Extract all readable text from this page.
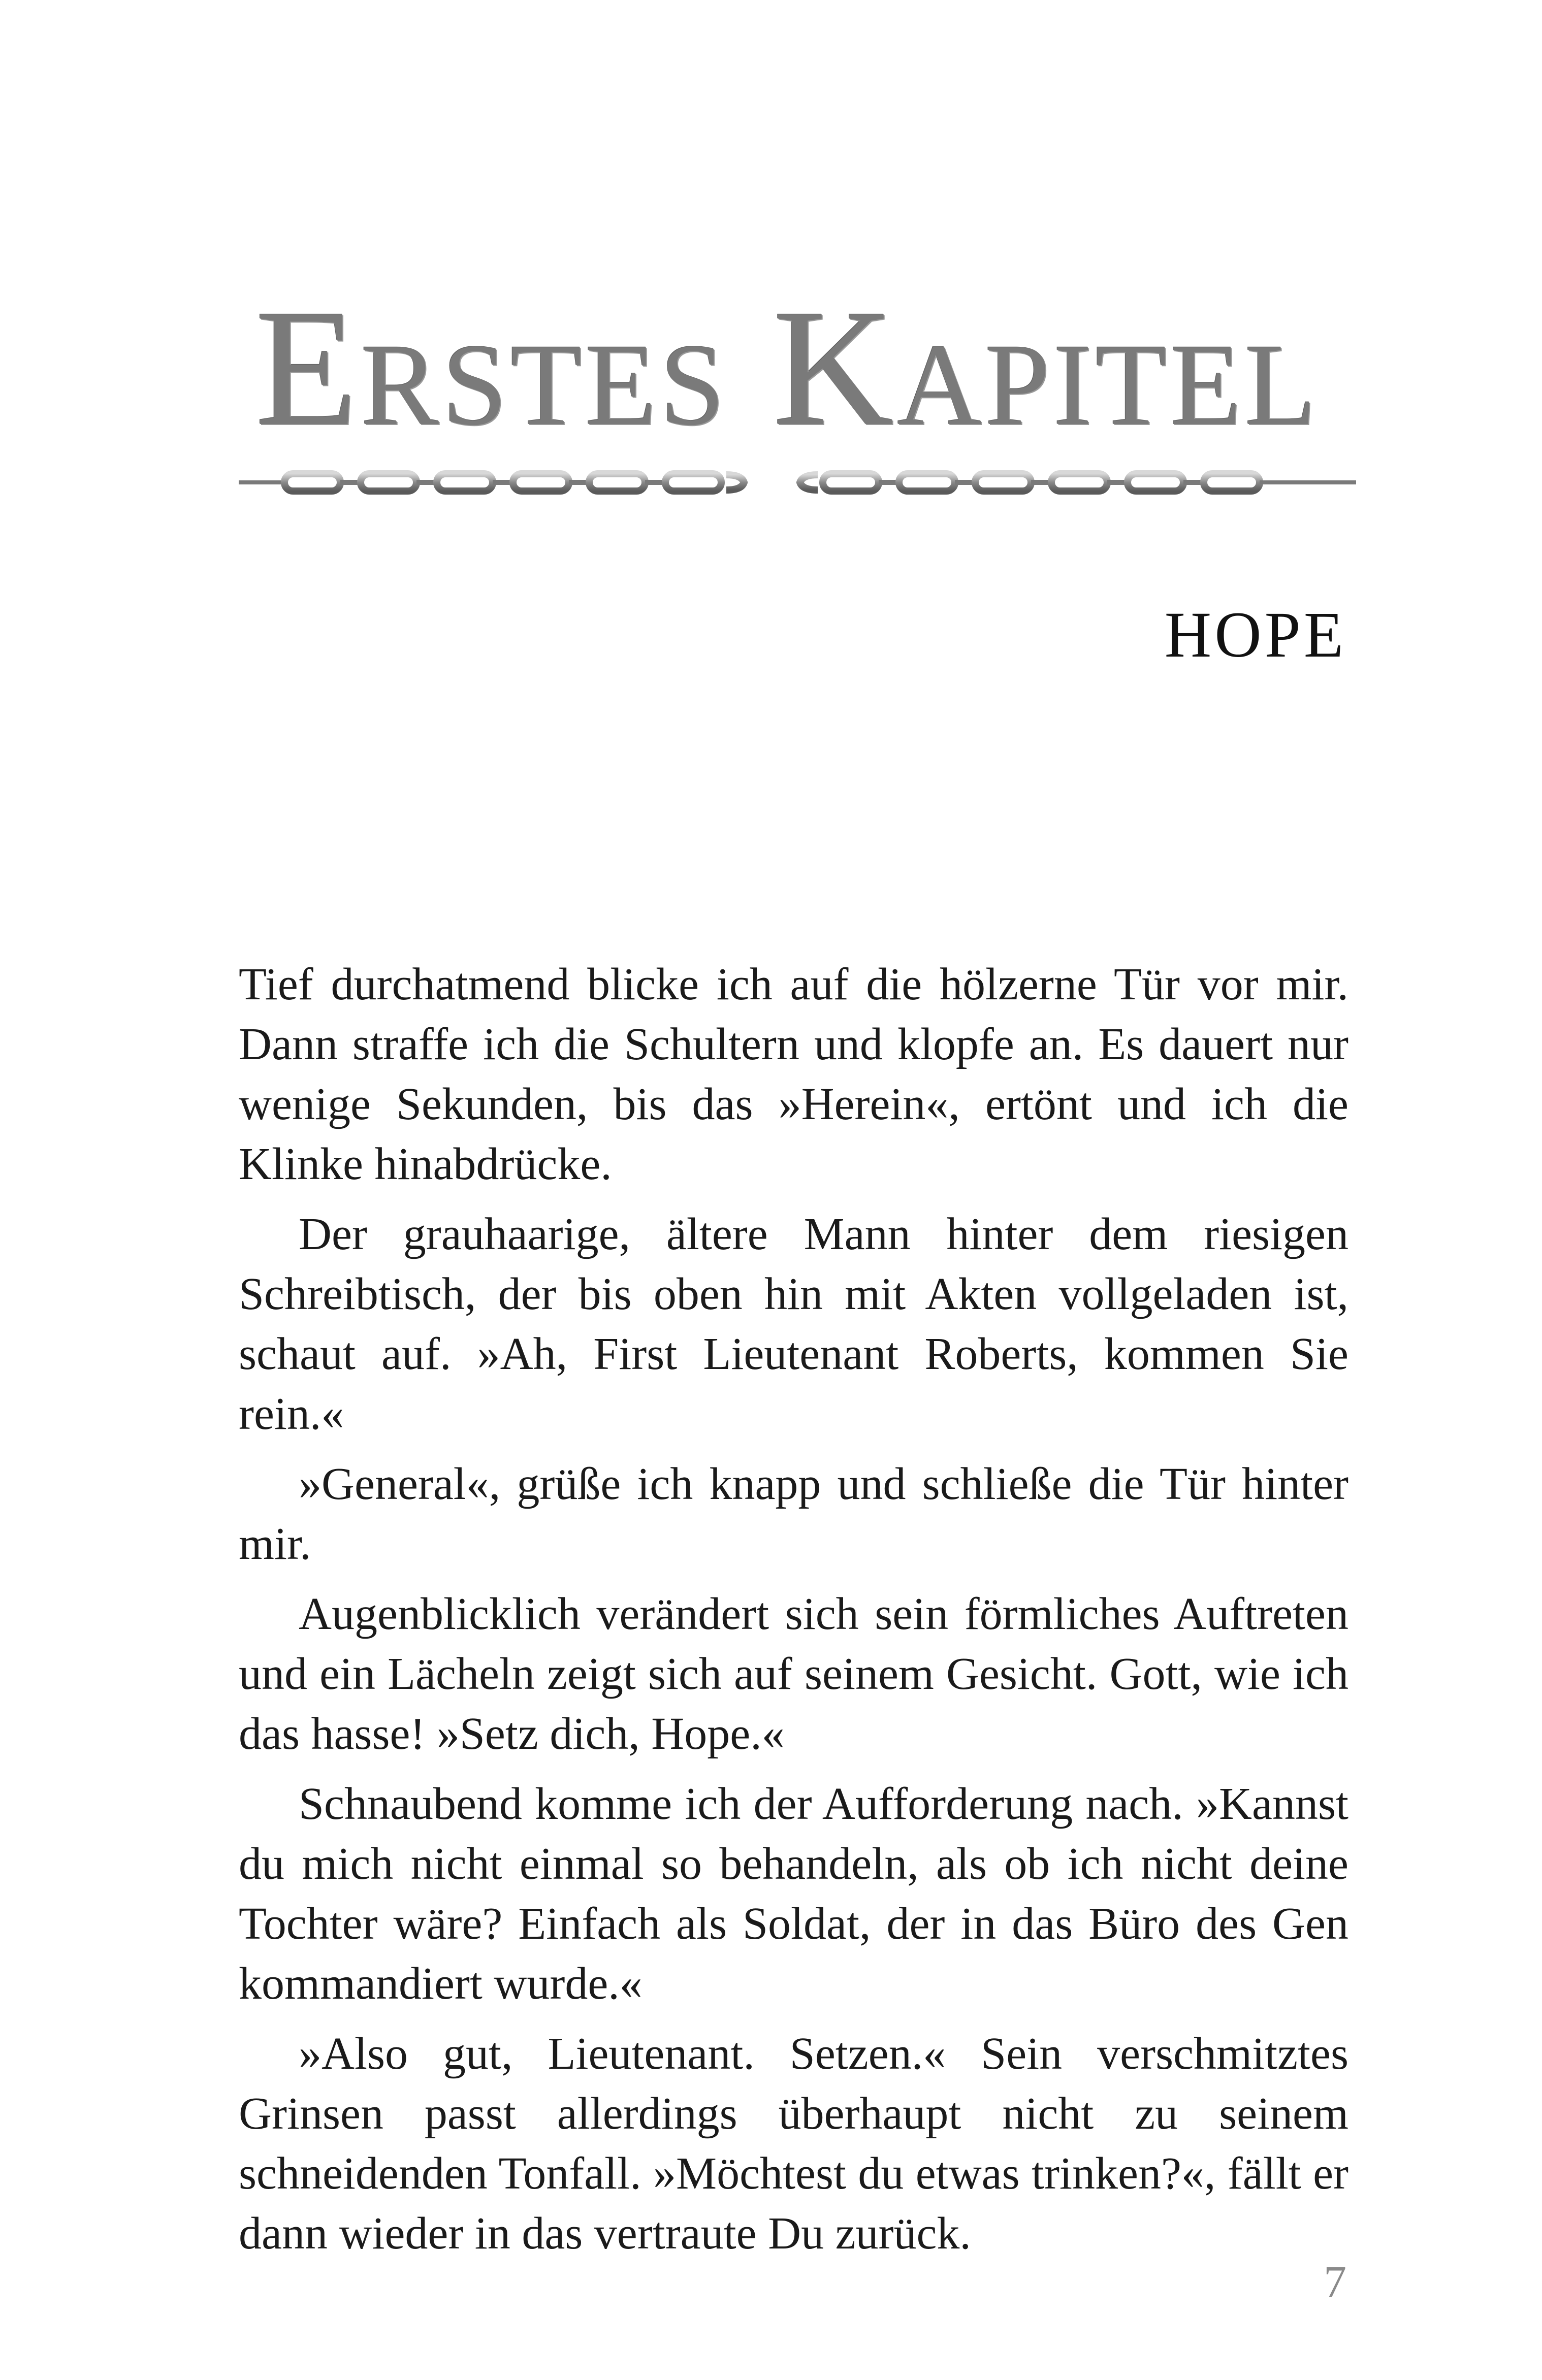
Erstes Kapitel
HOPE

Tief durchatmend blicke ich auf die hölzerne Tür vor mir. Dann straffe ich die Schultern und klopfe an. Es dauert nur wenige Sekunden, bis das »Herein«, ertönt und ich die Klinke hinabdrücke.

Der grauhaarige, ältere Mann hinter dem riesigen Schreibtisch, der bis oben hin mit Akten vollgeladen ist, schaut auf. »Ah, First Lieutenant Roberts, kommen Sie rein.«

»General«, grüße ich knapp und schließe die Tür hinter mir.

Augenblicklich verändert sich sein förmliches Auftreten und ein Lächeln zeigt sich auf seinem Gesicht. Gott, wie ich das hasse! »Setz dich, Hope.«

Schnaubend komme ich der Aufforderung nach. »Kannst du mich nicht einmal so behandeln, als ob ich nicht deine Tochter wäre? Einfach als Soldat, der in das Büro des Gen kommandiert wurde.«

»Also gut, Lieutenant. Setzen.« Sein verschmitztes Grinsen passt allerdings überhaupt nicht zu seinem schneidenden Tonfall. »Möchtest du etwas trinken?«, fällt er dann wieder in das vertraute Du zurück.

7
